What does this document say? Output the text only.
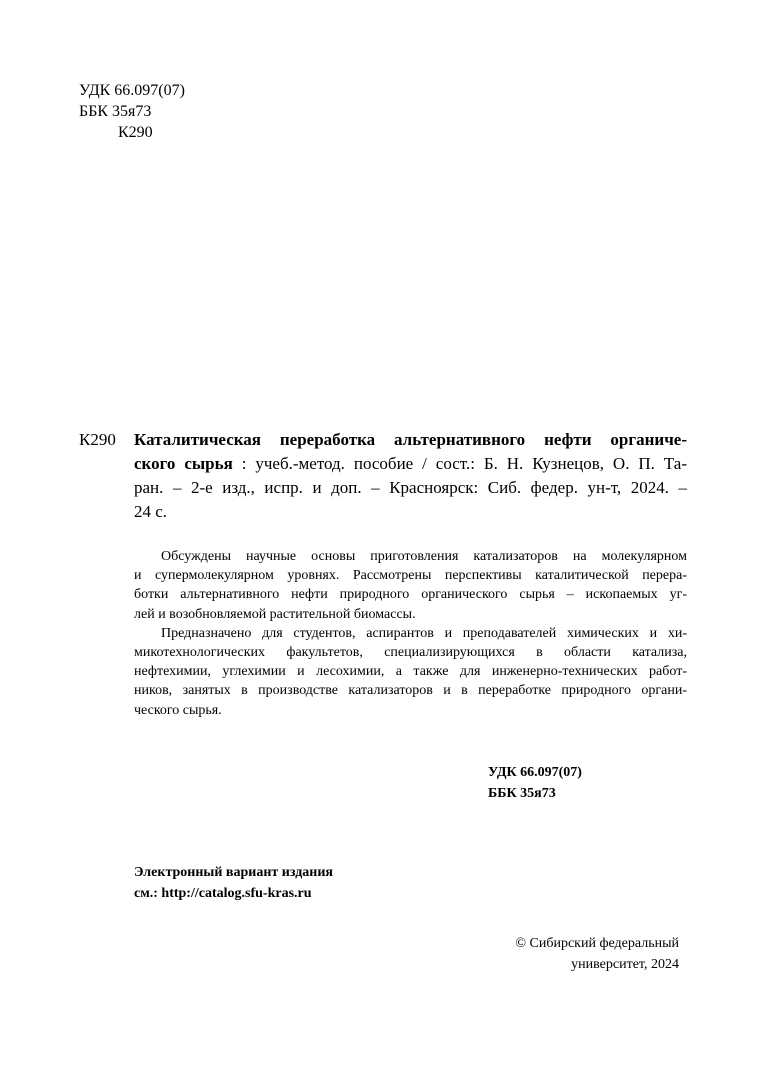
УДК 66.097(07)
ББК 35я73
К290
К290 Каталитическая переработка альтернативного нефти органиче-
ского сырья : учеб.-метод. пособие / сост.: Б. Н. Кузнецов, О. П. Та-
ран. – 2-е изд., испр. и доп. – Красноярск: Сиб. федер. ун-т, 2024. –
24 с.
Обсуждены научные основы приготовления катализаторов на молекулярном
и супермолекулярном уровнях. Рассмотрены перспективы каталитической перера-
ботки альтернативного нефти природного органического сырья – ископаемых уг-
лей и возобновляемой растительной биомассы.
Предназначено для студентов, аспирантов и преподавателей химических и хи-
микотехнологических факультетов, специализирующихся в области катализа,
нефтехимии, углехимии и лесохимии, а также для инженерно-технических работ-
ников, занятых в производстве катализаторов и в переработке природного органи-
ческого сырья.
УДК 66.097(07)
ББК 35я73
Электронный вариант издания
см.: http://catalog.sfu-kras.ru
© Сибирский федеральный
университет, 2024
